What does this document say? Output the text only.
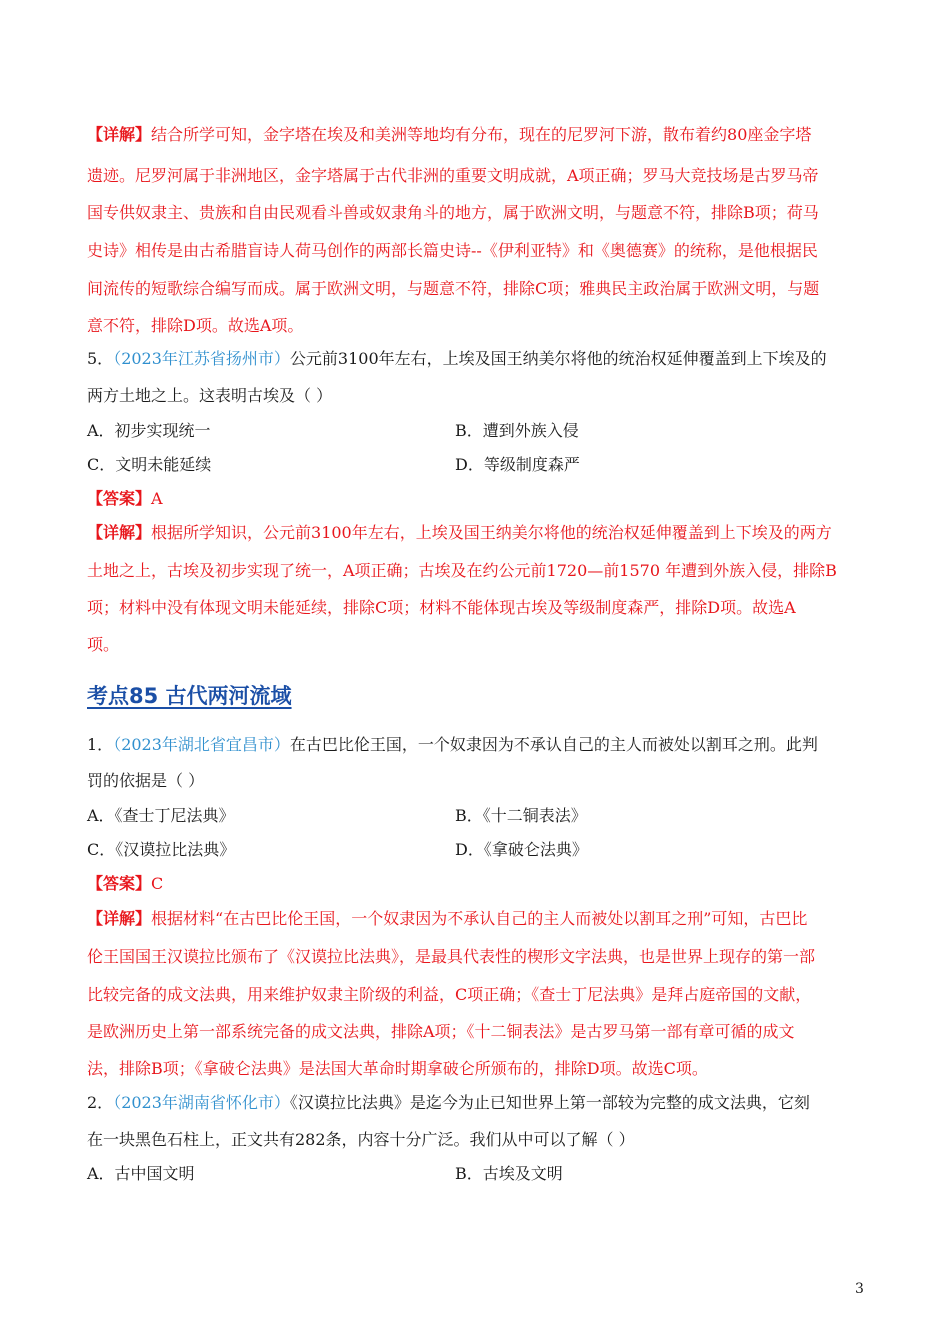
【详解】结合所学可知，金字塔在埃及和美洲等地均有分布，现在的尼罗河下游，散布着约80座金字塔
遗迹。尼罗河属于非洲地区，金字塔属于古代非洲的重要文明成就，A项正确；罗马大竞技场是古罗马帝
国专供奴隶主、贵族和自由民观看斗兽或奴隶角斗的地方，属于欧洲文明，与题意不符，排除B项；荷马
史诗》相传是由古希腊盲诗人荷马创作的两部长篇史诗--《伊利亚特》和《奥德赛》的统称，是他根据民
间流传的短歌综合编写而成。属于欧洲文明，与题意不符，排除C项；雅典民主政治属于欧洲文明，与题
意不符，排除D项。故选A项。
5．（2023年江苏省扬州市）公元前3100年左右，上埃及国王纳美尔将他的统治权延伸覆盖到上下埃及的
两方土地之上。这表明古埃及（ ）
A．初步实现统一	B．遭到外族入侵
C．文明未能延续	D．等级制度森严
【答案】A
【详解】根据所学知识，公元前3100年左右，上埃及国王纳美尔将他的统治权延伸覆盖到上下埃及的两方
土地之上，古埃及初步实现了统一，A项正确；古埃及在约公元前1720—前1570 年遭到外族入侵，排除B
项；材料中没有体现文明未能延续，排除C项；材料不能体现古埃及等级制度森严，排除D项。故选A
项。
考点85 古代两河流域
1．（2023年湖北省宜昌市）在古巴比伦王国，一个奴隶因为不承认自己的主人而被处以割耳之刑。此判
罚的依据是（ ）
A．《查士丁尼法典》	B．《十二铜表法》
C．《汉谟拉比法典》	D．《拿破仑法典》
【答案】C
【详解】根据材料“在古巴比伦王国，一个奴隶因为不承认自己的主人而被处以割耳之刑”可知，古巴比
伦王国国王汉谟拉比颁布了《汉谟拉比法典》，是最具代表性的楔形文字法典，也是世界上现存的第一部
比较完备的成文法典，用来维护奴隶主阶级的利益，C项正确；《查士丁尼法典》是拜占庭帝国的文献，
是欧洲历史上第一部系统完备的成文法典，排除A项；《十二铜表法》是古罗马第一部有章可循的成文
法，排除B项；《拿破仑法典》是法国大革命时期拿破仑所颁布的，排除D项。故选C项。
2．（2023年湖南省怀化市）《汉谟拉比法典》是迄今为止已知世界上第一部较为完整的成文法典，它刻
在一块黑色石柱上，正文共有282条，内容十分广泛。我们从中可以了解（ ）
A．古中国文明	B．古埃及文明
3
